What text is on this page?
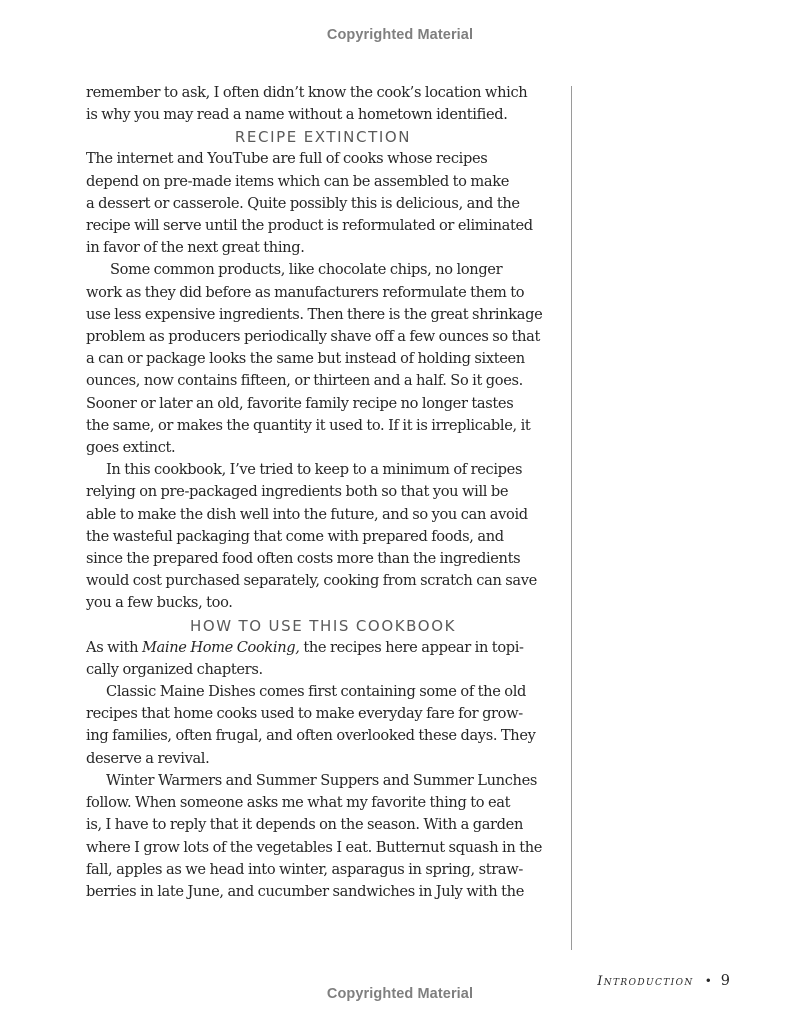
Copyrighted Material

remember to ask, I often didn’t know the cook’s location which
is why you may read a name without a hometown identified.

RECIPE EXTINCTION

The internet and YouTube are full of cooks whose recipes
depend on pre-made items which can be assembled to make
a dessert or casserole. Quite possibly this is delicious, and the
recipe will serve until the product is reformulated or eliminated
in favor of the next great thing.

Some common products, like chocolate chips, no longer
work as they did before as manufacturers reformulate them to
use less expensive ingredients. Then there is the great shrinkage
problem as producers periodically shave off a few ounces so that
a can or package looks the same but instead of holding sixteen
ounces, now contains fifteen, or thirteen and a half. So it goes.
Sooner or later an old, favorite family recipe no longer tastes
the same, or makes the quantity it used to. If it is irreplicable, it
goes extinct.

In this cookbook, I’ve tried to keep to a minimum of recipes
relying on pre-packaged ingredients both so that you will be
able to make the dish well into the future, and so you can avoid
the wasteful packaging that come with prepared foods, and
since the prepared food often costs more than the ingredients
would cost purchased separately, cooking from scratch can save
you a few bucks, too.

HOW TO USE THIS COOKBOOK

As with Maine Home Cooking, the recipes here appear in topi-
cally organized chapters.

Classic Maine Dishes comes first containing some of the old
recipes that home cooks used to make everyday fare for grow-
ing families, often frugal, and often overlooked these days. They
deserve a revival.

Winter Warmers and Summer Suppers and Summer Lunches
follow. When someone asks me what my favorite thing to eat
is, I have to reply that it depends on the season. With a garden
where I grow lots of the vegetables I eat. Butternut squash in the
fall, apples as we head into winter, asparagus in spring, straw-
berries in late June, and cucumber sandwiches in July with the

Introduction • 9
Copyrighted Material
